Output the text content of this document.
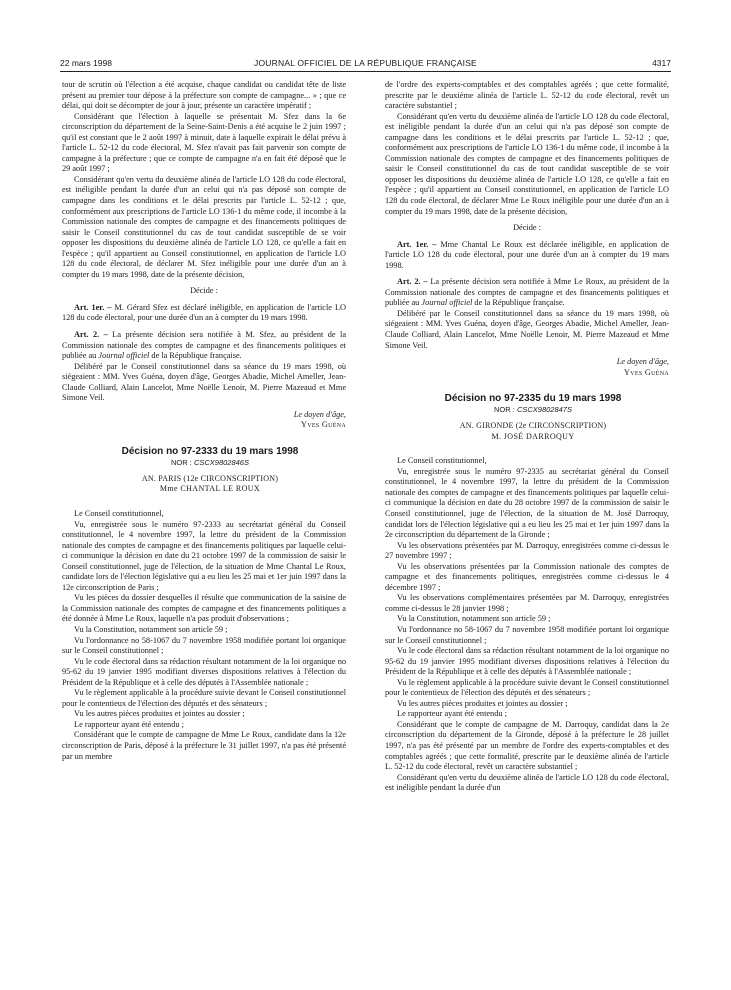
22 mars 1998	JOURNAL OFFICIEL DE LA RÉPUBLIQUE FRANÇAISE	4317

tour de scrutin où l'élection a été acquise, chaque candidat ou candidat tête de liste présent au premier tour dépose à la préfecture son compte de campagne... » ; que ce délai, qui doit se décompter de jour à jour, présente un caractère impératif ;

Considérant que l'élection à laquelle se présentait M. Sfez dans la 6e circonscription du département de la Seine-Saint-Denis a été acquise le 2 juin 1997 ; qu'il est constant que le 2 août 1997 à minuit, date à laquelle expirait le délai prévu à l'article L. 52-12 du code électoral, M. Sfez n'avait pas fait parvenir son compte de campagne à la préfecture ; que ce compte de campagne n'a en fait été déposé que le 29 août 1997 ;

Considérant qu'en vertu du deuxième alinéa de l'article LO 128 du code électoral, est inéligible pendant la durée d'un an celui qui n'a pas déposé son compte de campagne dans les conditions et le délai prescrits par l'article L. 52-12 ; que, conformément aux prescriptions de l'article LO 136-1 du même code, il incombe à la Commission nationale des comptes de campagne et des financements politiques de saisir le Conseil constitutionnel du cas de tout candidat susceptible de se voir opposer les dispositions du deuxième alinéa de l'article LO 128, ce qu'elle a fait en l'espèce ; qu'il appartient au Conseil constitutionnel, en application de l'article LO 128 du code électoral, de déclarer M. Sfez inéligible pour une durée d'un an à compter du 19 mars 1998, date de la présente décision,

Décide :

Art. 1er. – M. Gérard Sfez est déclaré inéligible, en application de l'article LO 128 du code électoral, pour une durée d'un an à compter du 19 mars 1998.

Art. 2. – La présente décision sera notifiée à M. Sfez, au président de la Commission nationale des comptes de campagne et des financements politiques et publiée au Journal officiel de la République française.

Délibéré par le Conseil constitutionnel dans sa séance du 19 mars 1998, où siégeaient : MM. Yves Guéna, doyen d'âge, Georges Abadie, Michel Ameller, Jean-Claude Colliard, Alain Lancelot, Mme Noëlle Lenoir, M. Pierre Mazeaud et Mme Simone Veil.

Le doyen d'âge,

Yves Guéna

Décision no 97-2333 du 19 mars 1998

NOR : CSCX9802846S

AN. PARIS (12e CIRCONSCRIPTION)

Mme CHANTAL LE ROUX

Le Conseil constitutionnel,

Vu, enregistrée sous le numéro 97-2333 au secrétariat général du Conseil constitutionnel, le 4 novembre 1997, la lettre du président de la Commission nationale des comptes de campagne et des financements politiques par laquelle celui-ci communique la décision en date du 21 octobre 1997 de la commission de saisir le Conseil constitutionnel, juge de l'élection, de la situation de Mme Chantal Le Roux, candidate lors de l'élection législative qui a eu lieu les 25 mai et 1er juin 1997 dans la 12e circonscription de Paris ;

Vu les pièces du dossier desquelles il résulte que communication de la saisine de la Commission nationale des comptes de campagne et des financements politiques a été donnée à Mme Le Roux, laquelle n'a pas produit d'observations ;

Vu la Constitution, notamment son article 59 ;

Vu l'ordonnance no 58-1067 du 7 novembre 1958 modifiée portant loi organique sur le Conseil constitutionnel ;

Vu le code électoral dans sa rédaction résultant notamment de la loi organique no 95-62 du 19 janvier 1995 modifiant diverses dispositions relatives à l'élection du Président de la République et à celle des députés à l'Assemblée nationale ;

Vu le règlement applicable à la procédure suivie devant le Conseil constitutionnel pour le contentieux de l'élection des députés et des sénateurs ;

Vu les autres pièces produites et jointes au dossier ;

Le rapporteur ayant été entendu ;

Considérant que le compte de campagne de Mme Le Roux, candidate dans la 12e circonscription de Paris, déposé à la préfecture le 31 juillet 1997, n'a pas été présenté par un membre

de l'ordre des experts-comptables et des comptables agréés ; que cette formalité, prescrite par le deuxième alinéa de l'article L. 52-12 du code électoral, revêt un caractère substantiel ;

Considérant qu'en vertu du deuxième alinéa de l'article LO 128 du code électoral, est inéligible pendant la durée d'un an celui qui n'a pas déposé son compte de campagne dans les conditions et le délai prescrits par l'article L. 52-12 ; que, conformément aux prescriptions de l'article LO 136-1 du même code, il incombe à la Commission nationale des comptes de campagne et des financements politiques de saisir le Conseil constitutionnel du cas de tout candidat susceptible de se voir opposer les dispositions du deuxième alinéa de l'article LO 128, ce qu'elle a fait en l'espèce ; qu'il appartient au Conseil constitutionnel, en application de l'article LO 128 du code électoral, de déclarer Mme Le Roux inéligible pour une durée d'un an à compter du 19 mars 1998, date de la présente décision,

Décide :

Art. 1er. – Mme Chantal Le Roux est déclarée inéligible, en application de l'article LO 128 du code électoral, pour une durée d'un an à compter du 19 mars 1998.

Art. 2. – La présente décision sera notifiée à Mme Le Roux, au président de la Commission nationale des comptes de campagne et des financements politiques et publiée au Journal officiel de la République française.

Délibéré par le Conseil constitutionnel dans sa séance du 19 mars 1998, où siégeaient : MM. Yves Guéna, doyen d'âge, Georges Abadie, Michel Ameller, Jean-Claude Colliard, Alain Lancelot, Mme Noëlle Lenoir, M. Pierre Mazeaud et Mme Simone Veil.

Le doyen d'âge,

Yves Guéna

Décision no 97-2335 du 19 mars 1998

NOR : CSCX9802847S

AN. GIRONDE (2e CIRCONSCRIPTION)

M. JOSÉ DARROQUY

Le Conseil constitutionnel,

Vu, enregistrée sous le numéro 97-2335 au secrétariat général du Conseil constitutionnel, le 4 novembre 1997, la lettre du président de la Commission nationale des comptes de campagne et des financements politiques par laquelle celui-ci communique la décision en date du 28 octobre 1997 de la commission de saisir le Conseil constitutionnel, juge de l'élection, de la situation de M. José Darroquy, candidat lors de l'élection législative qui a eu lieu les 25 mai et 1er juin 1997 dans la 2e circonscription du département de la Gironde ;

Vu les observations présentées par M. Darroquy, enregistrées comme ci-dessus le 27 novembre 1997 ;

Vu les observations présentées par la Commission nationale des comptes de campagne et des financements politiques, enregistrées comme ci-dessus le 4 décembre 1997 ;

Vu les observations complémentaires présentées par M. Darroquy, enregistrées comme ci-dessus le 28 janvier 1998 ;

Vu la Constitution, notamment son article 59 ;

Vu l'ordonnance no 58-1067 du 7 novembre 1958 modifiée portant loi organique sur le Conseil constitutionnel ;

Vu le code électoral dans sa rédaction résultant notamment de la loi organique no 95-62 du 19 janvier 1995 modifiant diverses dispositions relatives à l'élection du Président de la République et à celle des députés à l'Assemblée nationale ;

Vu le règlement applicable à la procédure suivie devant le Conseil constitutionnel pour le contentieux de l'élection des députés et des sénateurs ;

Vu les autres pièces produites et jointes au dossier ;

Le rapporteur ayant été entendu ;

Considérant que le compte de campagne de M. Darroquy, candidat dans la 2e circonscription du département de la Gironde, déposé à la préfecture le 28 juillet 1997, n'a pas été présenté par un membre de l'ordre des experts-comptables et des comptables agréés ; que cette formalité, prescrite par le deuxième alinéa de l'article L. 52-12 du code électoral, revêt un caractère substantiel ;

Considérant qu'en vertu du deuxième alinéa de l'article LO 128 du code électoral, est inéligible pendant la durée d'un
